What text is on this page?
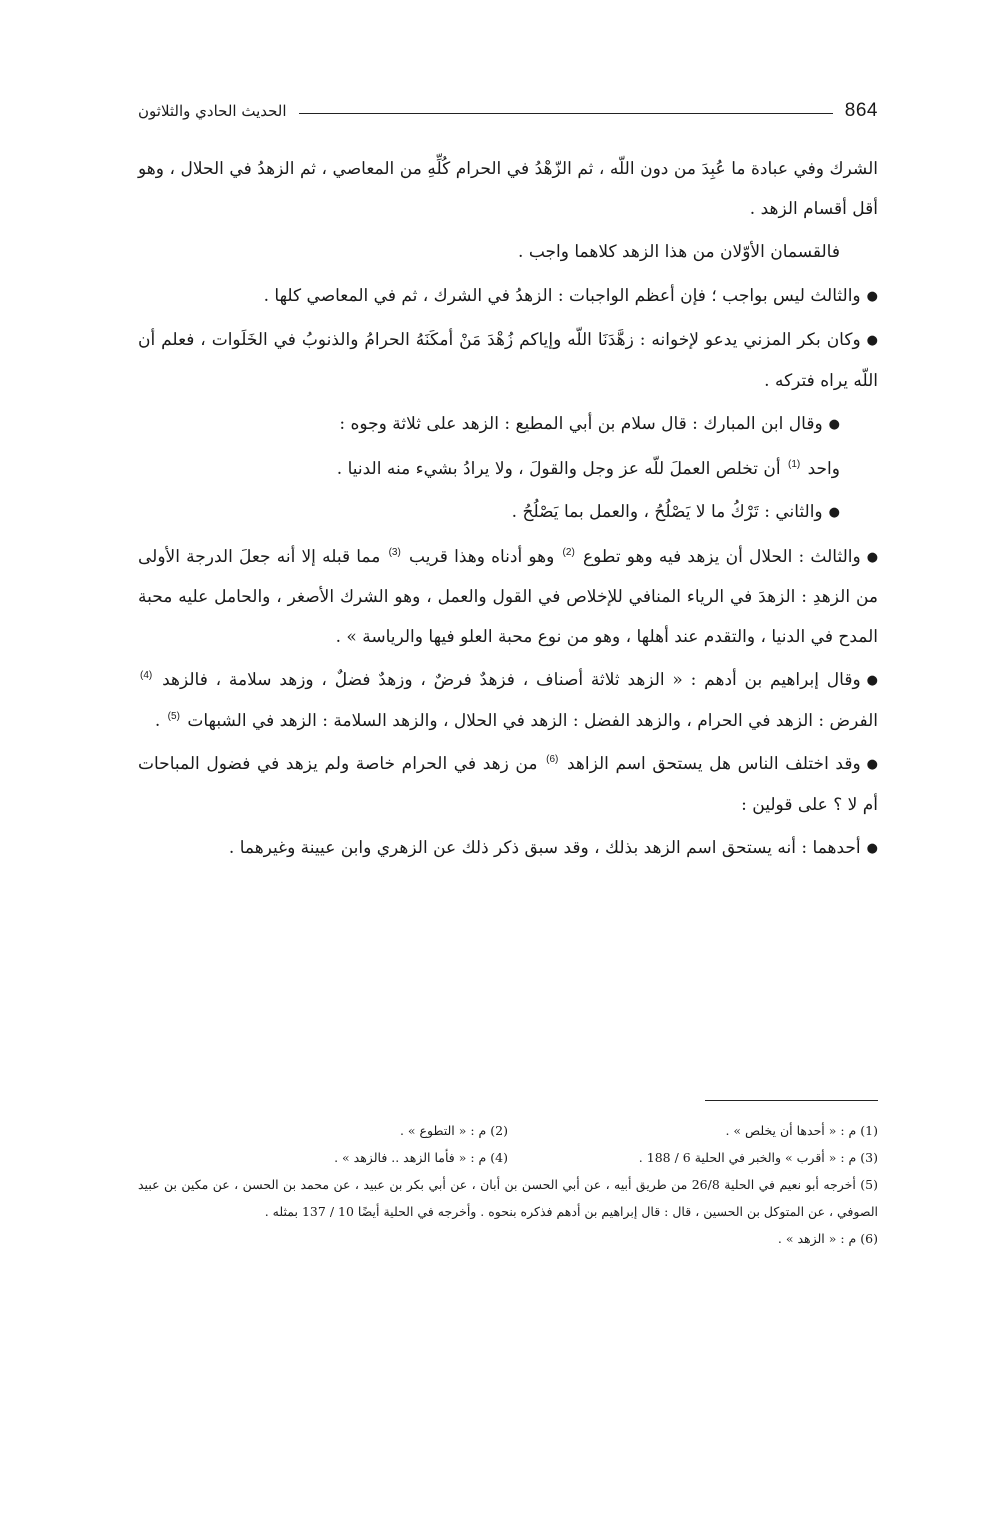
الحديث الحادي والثلاثون	864

الشرك وفي عبادة ما عُبِدَ من دون اللّه ، ثم الزّهْدُ في الحرام كُلِّهِ من المعاصي ، ثم الزهدُ في الحلال ، وهو أقل أقسام الزهد .

فالقسمان الأوّلان من هذا الزهد كلاهما واجب .

●والثالث ليس بواجب ؛ فإن أعظم الواجبات : الزهدُ في الشرك ، ثم في المعاصي كلها .

●وكان بكر المزني يدعو لإخوانه : زهَّدَنَا اللّه وإياكم زُهْدَ مَنْ أمكَنَهُ الحرامُ والذنوبُ في الخَلَوات ، فعلم أن اللّه يراه فتركه .

●وقال ابن المبارك : قال سلام بن أبي المطيع : الزهد على ثلاثة وجوه :

واحد $^{(1)}$ أن تخلص العملَ للّه عز وجل والقولَ ، ولا يرادُ بشيء منه الدنيا .

●والثاني : تَرْكُ ما لا يَصْلُحُ ، والعمل بما يَصْلُحُ .

●والثالث : الحلال أن يزهد فيه وهو تطوع $^{(2)}$ وهو أدناه وهذا قريب $^{(3)}$ مما قبله إلا أنه جعلَ الدرجة الأولى من الزهدِ : الزهدَ في الرياء المنافي للإخلاص في القول والعمل ، وهو الشرك الأصغر ، والحامل عليه محبة المدح في الدنيا ، والتقدم عند أهلها ، وهو من نوع محبة العلو فيها والرياسة » .

●وقال إبراهيم بن أدهم : « الزهد ثلاثة أصناف ، فزهدٌ فرضٌ ، وزهدٌ فضلٌ ، وزهد سلامة ، فالزهد $^{(4)}$ الفرض : الزهد في الحرام ، والزهد الفضل : الزهد في الحلال ، والزهد السلامة : الزهد في الشبهات $^{(5)}$ .

●وقد اختلف الناس هل يستحق اسم الزاهد $^{(6)}$ من زهد في الحرام خاصة ولم يزهد في فضول المباحات أم لا ؟ على قولين :

●أحدهما : أنه يستحق اسم الزهد بذلك ، وقد سبق ذكر ذلك عن الزهري وابن عيينة وغيرهما .

(1) م : « أحدها أن يخلص » .
(2) م : « التطوع » .
(3) م : « أقرب » والخبر في الحلية 6 / 188 .
(4) م : « فأما الزهد .. فالزهد » .
(5) أخرجه أبو نعيم في الحلية 26/8 من طريق أبيه ، عن أبي الحسن بن أبان ، عن أبي بكر بن عبيد ، عن محمد بن الحسن ، عن مكين بن عبيد الصوفي ، عن المتوكل بن الحسين ، قال : قال إبراهيم بن أدهم فذكره بنحوه . وأخرجه في الحلية أيضًا 10 / 137 بمثله .
(6) م : « الزهد » .
